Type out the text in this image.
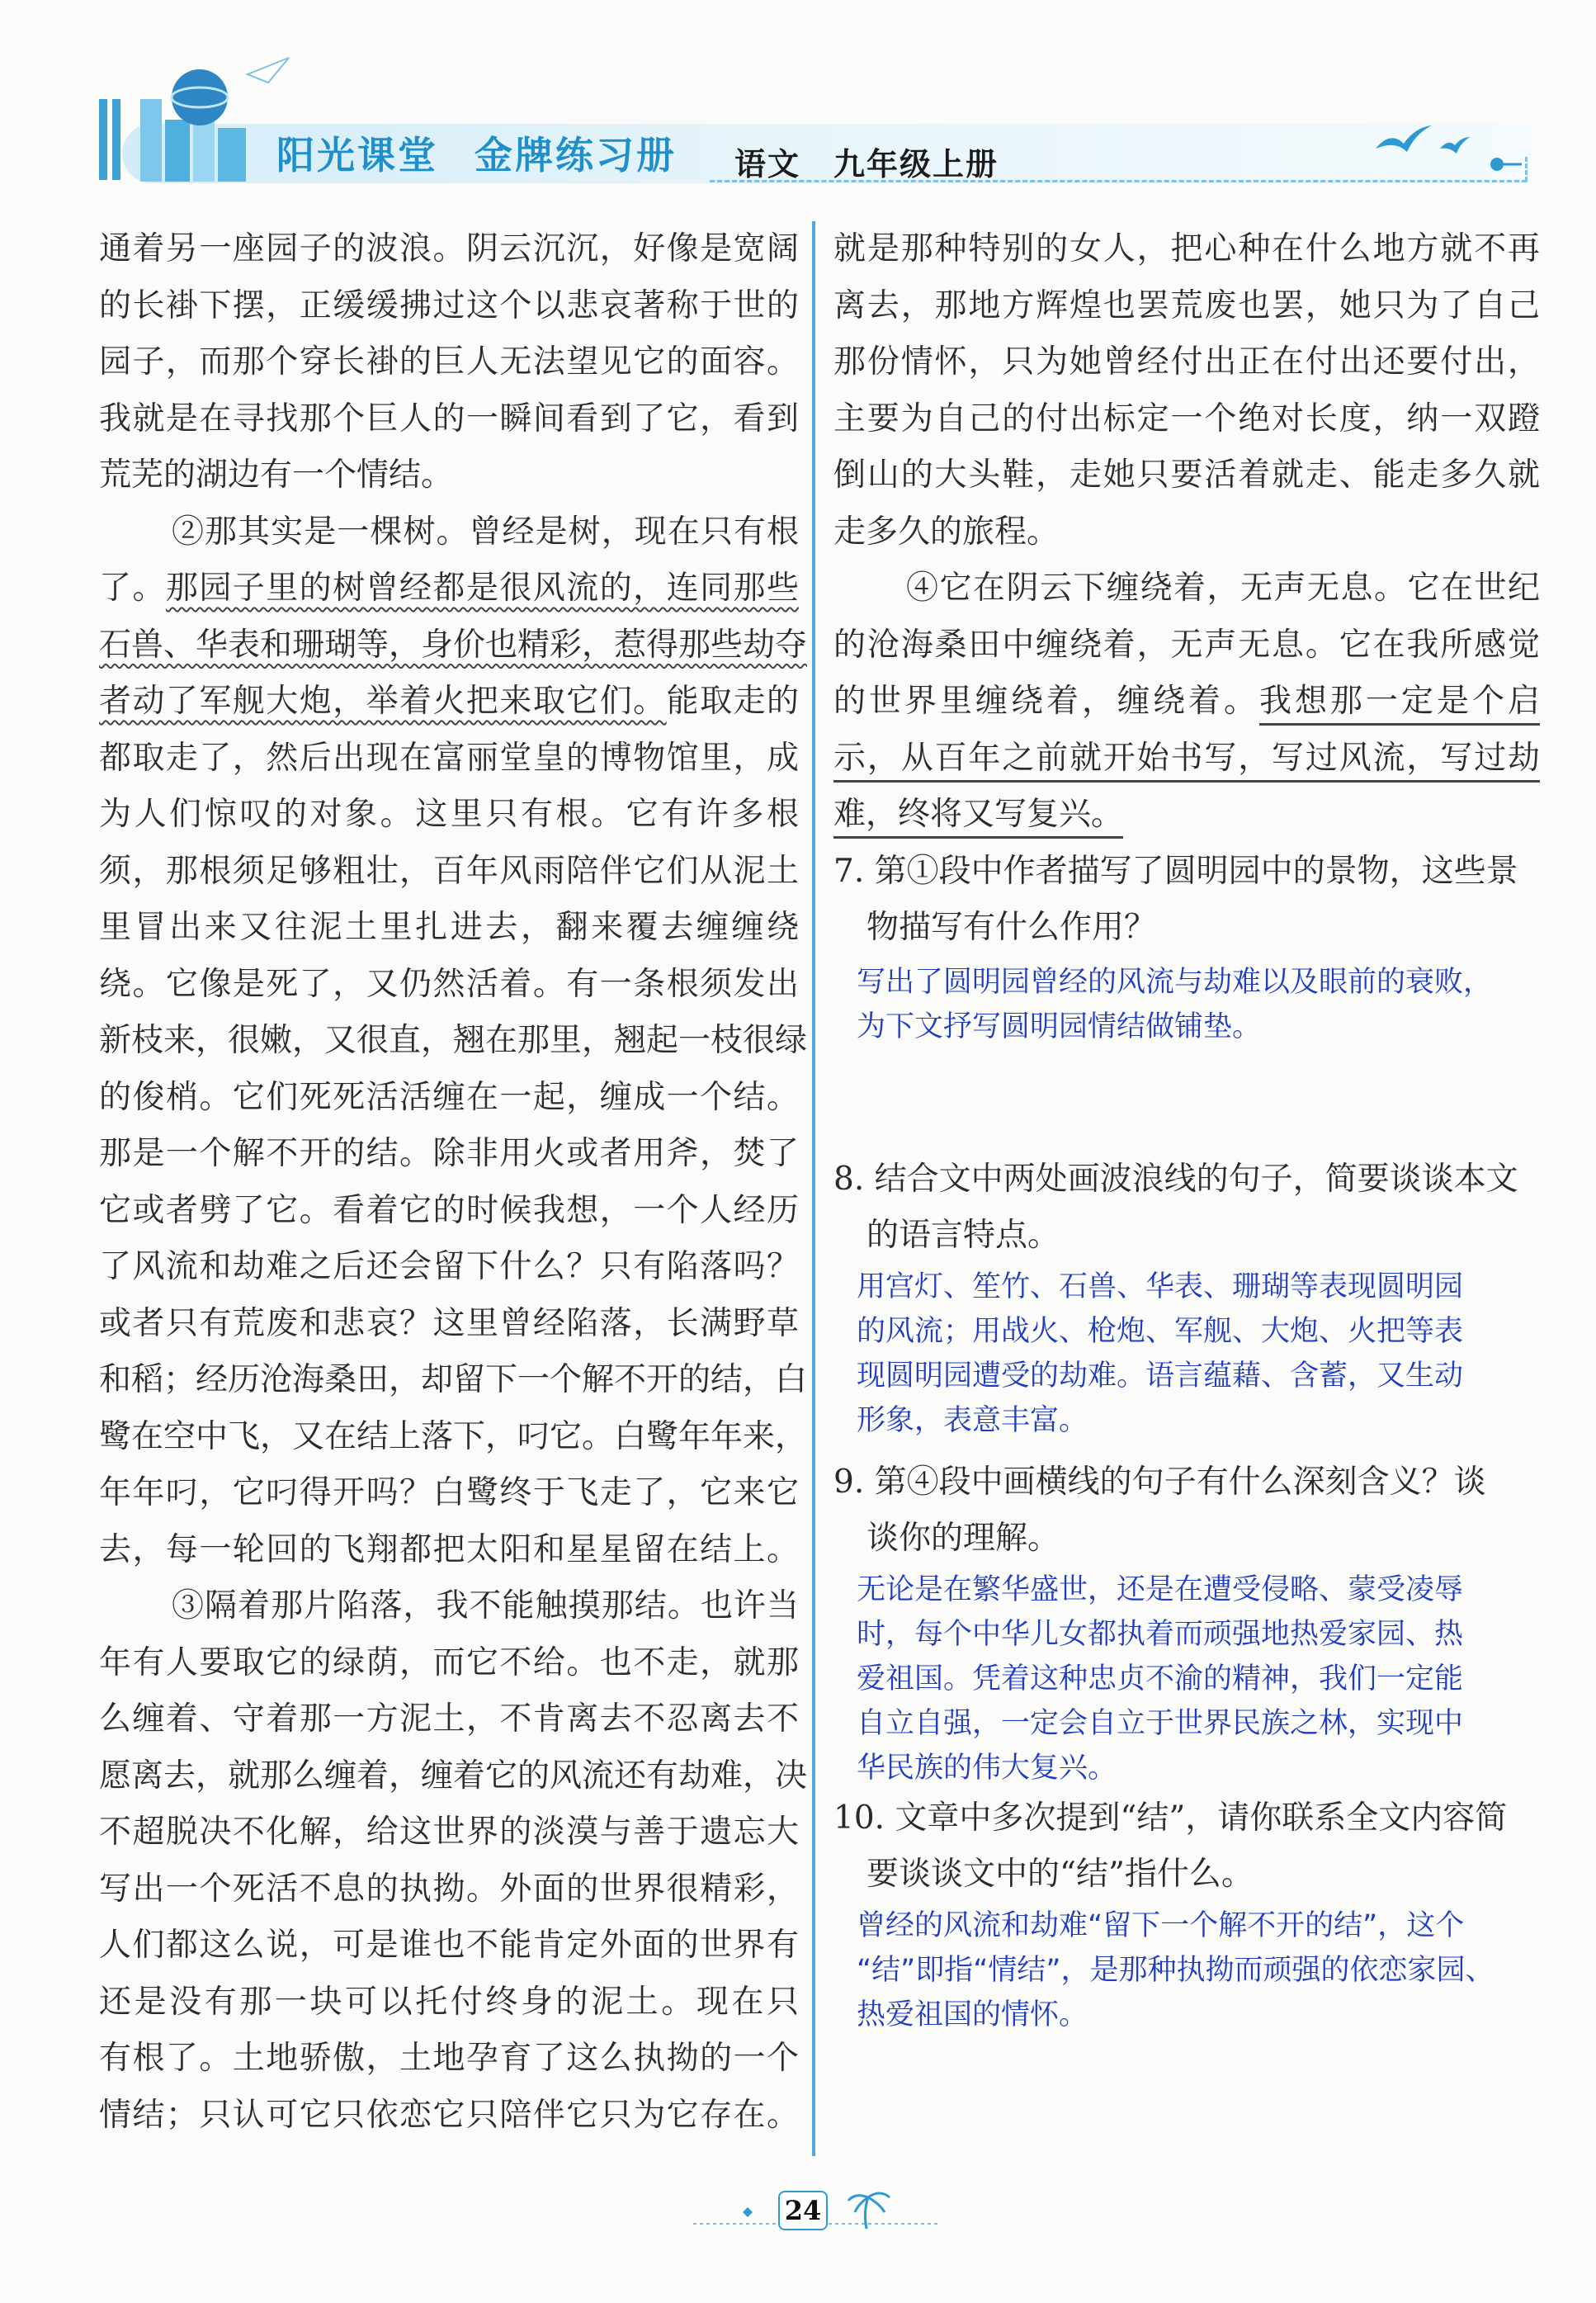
阳光课堂 金牌练习册	语文 九年级上册
通着另一座园子的波浪。阴云沉沉，好像是宽阔
的长褂下摆，正缓缓拂过这个以悲哀著称于世的
园子，而那个穿长褂的巨人无法望见它的面容。
我就是在寻找那个巨人的一瞬间看到了它，看到
荒芜的湖边有一个情结。
②那其实是一棵树。曾经是树，现在只有根
了。那园子里的树曾经都是很风流的，连同那些
石兽、华表和珊瑚等，身价也精彩，惹得那些劫夺
者动了军舰大炮，举着火把来取它们。能取走的
都取走了，然后出现在富丽堂皇的博物馆里，成
为人们惊叹的对象。这里只有根。它有许多根
须，那根须足够粗壮，百年风雨陪伴它们从泥土
里冒出来又往泥土里扎进去，翻来覆去缠缠绕
绕。它像是死了，又仍然活着。有一条根须发出
新枝来，很嫩，又很直，翘在那里，翘起一枝很绿
的俊梢。它们死死活活缠在一起，缠成一个结。
那是一个解不开的结。除非用火或者用斧，焚了
它或者劈了它。看着它的时候我想，一个人经历
了风流和劫难之后还会留下什么？只有陷落吗？
或者只有荒废和悲哀？这里曾经陷落，长满野草
和稻；经历沧海桑田，却留下一个解不开的结，白
鹭在空中飞，又在结上落下，叼它。白鹭年年来，
年年叼，它叼得开吗？白鹭终于飞走了，它来它
去，每一轮回的飞翔都把太阳和星星留在结上。
③隔着那片陷落，我不能触摸那结。也许当
年有人要取它的绿荫，而它不给。也不走，就那
么缠着、守着那一方泥土，不肯离去不忍离去不
愿离去，就那么缠着，缠着它的风流还有劫难，决
不超脱决不化解，给这世界的淡漠与善于遗忘大
写出一个死活不息的执拗。外面的世界很精彩，
人们都这么说，可是谁也不能肯定外面的世界有
还是没有那一块可以托付终身的泥土。现在只
有根了。土地骄傲，土地孕育了这么执拗的一个
情结；只认可它只依恋它只陪伴它只为它存在。
就是那种特别的女人，把心种在什么地方就不再
离去，那地方辉煌也罢荒废也罢，她只为了自己
那份情怀，只为她曾经付出正在付出还要付出，
主要为自己的付出标定一个绝对长度，纳一双蹬
倒山的大头鞋，走她只要活着就走、能走多久就
走多久的旅程。
④它在阴云下缠绕着，无声无息。它在世纪
的沧海桑田中缠绕着，无声无息。它在我所感觉
的世界里缠绕着，缠绕着。我想那一定是个启
示，从百年之前就开始书写，写过风流，写过劫
难，终将又写复兴。
7. 第①段中作者描写了圆明园中的景物，这些景
物描写有什么作用？
写出了圆明园曾经的风流与劫难以及眼前的衰败，
为下文抒写圆明园情结做铺垫。
8. 结合文中两处画波浪线的句子，简要谈谈本文
的语言特点。
用宫灯、笙竹、石兽、华表、珊瑚等表现圆明园
的风流；用战火、枪炮、军舰、大炮、火把等表
现圆明园遭受的劫难。语言蕴藉、含蓄，又生动
形象，表意丰富。
9. 第④段中画横线的句子有什么深刻含义？谈
谈你的理解。
无论是在繁华盛世，还是在遭受侵略、蒙受凌辱
时，每个中华儿女都执着而顽强地热爱家园、热
爱祖国。凭着这种忠贞不渝的精神，我们一定能
自立自强，一定会自立于世界民族之林，实现中
华民族的伟大复兴。
10. 文章中多次提到“结”，请你联系全文内容简
要谈谈文中的“结”指什么。
曾经的风流和劫难“留下一个解不开的结”，这个
“结”即指“情结”，是那种执拗而顽强的依恋家园、
热爱祖国的情怀。
24
